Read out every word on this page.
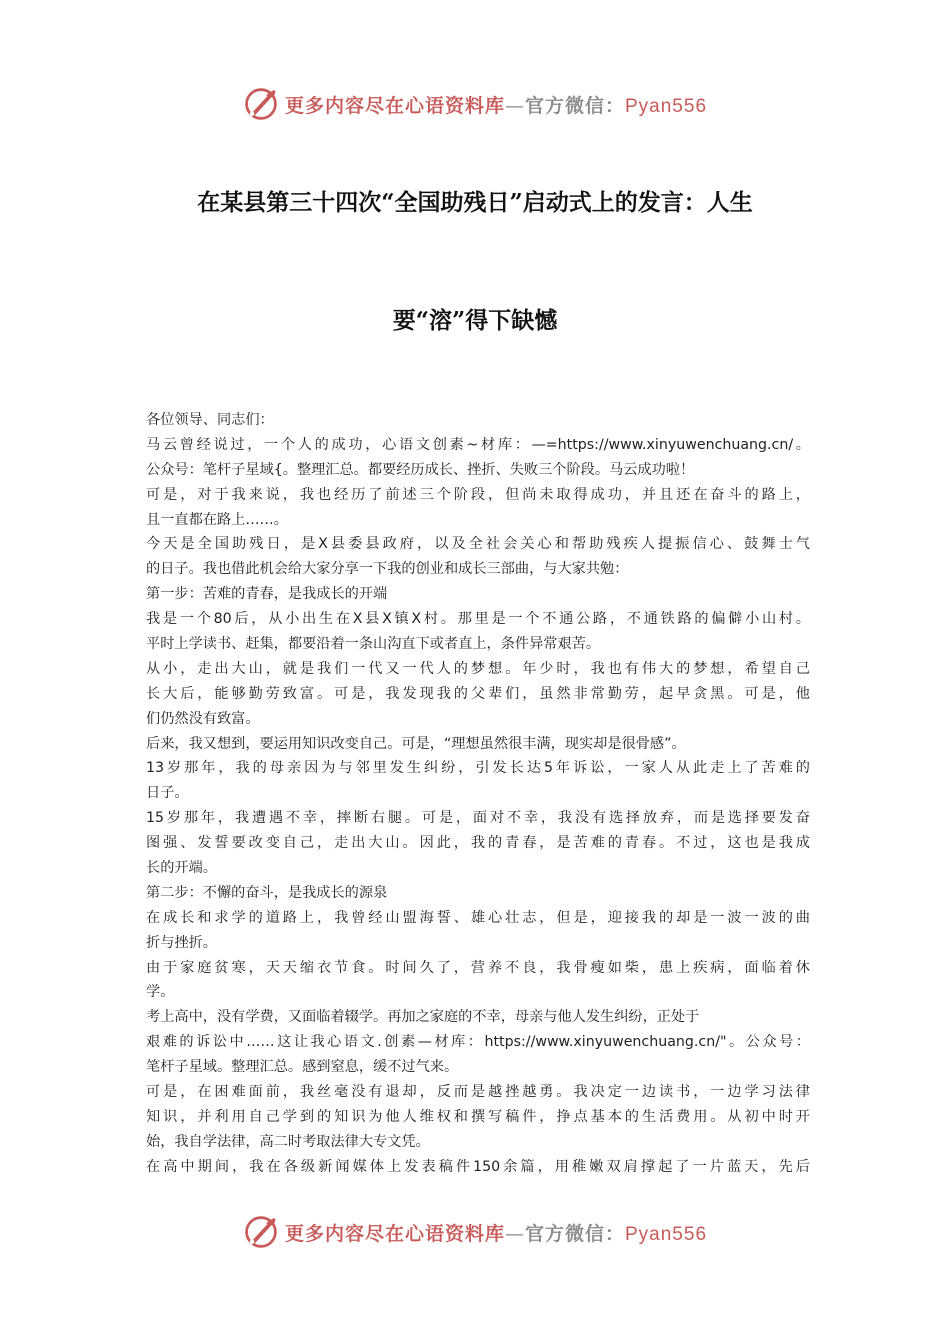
更多内容尽在心语资料库—官方微信：Pyan556
在某县第三十四次“全国助残日”启动式上的发言：人生
要“溶”得下缺憾
各位领导、同志们：
马云曾经说过，一个人的成功，心语文创素~材库：—=https://www.xinyuwenchuang.cn/。
公众号：笔杆子星域{。整理汇总。都要经历成长、挫折、失败三个阶段。马云成功啦！
可是，对于我来说，我也经历了前述三个阶段，但尚未取得成功，并且还在奋斗的路上，
且一直都在路上……。
今天是全国助残日，是X县委县政府，以及全社会关心和帮助残疾人提振信心、鼓舞士气
的日子。我也借此机会给大家分享一下我的创业和成长三部曲，与大家共勉：
第一步：苦难的青春，是我成长的开端
我是一个80后，从小出生在X县X镇X村。那里是一个不通公路，不通铁路的偏僻小山村。
平时上学读书、赶集，都要沿着一条山沟直下或者直上，条件异常艰苦。
从小，走出大山，就是我们一代又一代人的梦想。年少时，我也有伟大的梦想，希望自己
长大后，能够勤劳致富。可是，我发现我的父辈们，虽然非常勤劳，起早贪黑。可是，他
们仍然没有致富。
后来，我又想到，要运用知识改变自己。可是，“理想虽然很丰满，现实却是很骨感”。
13岁那年，我的母亲因为与邻里发生纠纷，引发长达5年诉讼，一家人从此走上了苦难的
日子。
15岁那年，我遭遇不幸，摔断右腿。可是，面对不幸，我没有选择放弃，而是选择要发奋
图强、发誓要改变自己，走出大山。因此，我的青春，是苦难的青春。不过，这也是我成
长的开端。
第二步：不懈的奋斗，是我成长的源泉
在成长和求学的道路上，我曾经山盟海誓、雄心壮志，但是，迎接我的却是一波一波的曲
折与挫折。
由于家庭贫寒，天天缩衣节食。时间久了，营养不良，我骨瘦如柴，患上疾病，面临着休
学。
考上高中，没有学费，又面临着辍学。再加之家庭的不幸，母亲与他人发生纠纷，正处于
艰难的诉讼中……这让我心语文.创素—材库：https://www.xinyuwenchuang.cn/"。公众号：
笔杆子星域。整理汇总。感到窒息，缓不过气来。
可是，在困难面前，我丝毫没有退却，反而是越挫越勇。我决定一边读书，一边学习法律
知识，并利用自己学到的知识为他人维权和撰写稿件，挣点基本的生活费用。从初中时开
始，我自学法律，高二时考取法律大专文凭。
在高中期间，我在各级新闻媒体上发表稿件150余篇，用稚嫩双肩撑起了一片蓝天，先后
更多内容尽在心语资料库—官方微信：Pyan556
